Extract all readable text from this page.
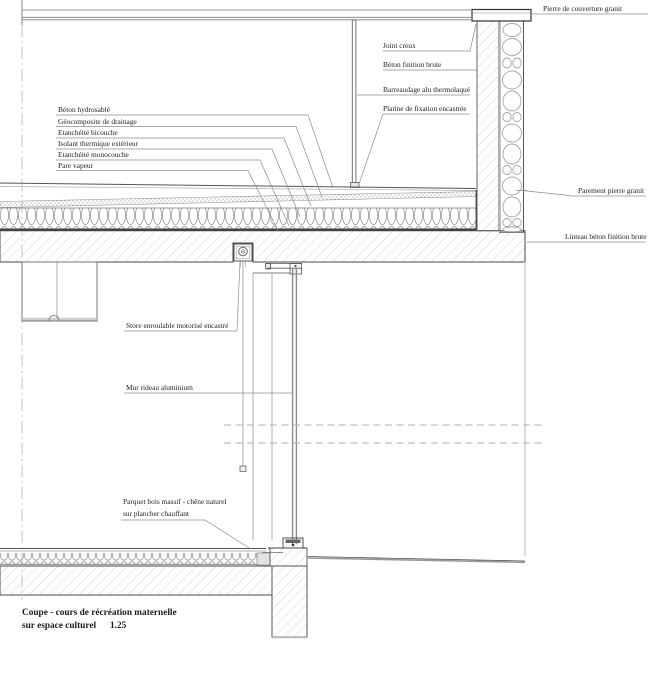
Pierre de couverture granit
Joint creux
Béton finition brute
Barreaudage alu thermolaqué
Platine de fixation encastrée
Parement pierre granit
Linteau béton finition brute
Béton hydrosablé
Géocomposite de drainage
Etanchéité bicouche
Isolant thermique extérieur
Etanchéité monocouche
Pare vapeur
Store enroulable motorisé encastré
Mur rideau aluminium
Parquet bois massif - chêne naturel
sur plancher chauffant
Coupe - cours de récréation maternelle
sur espace culturel 1.25
